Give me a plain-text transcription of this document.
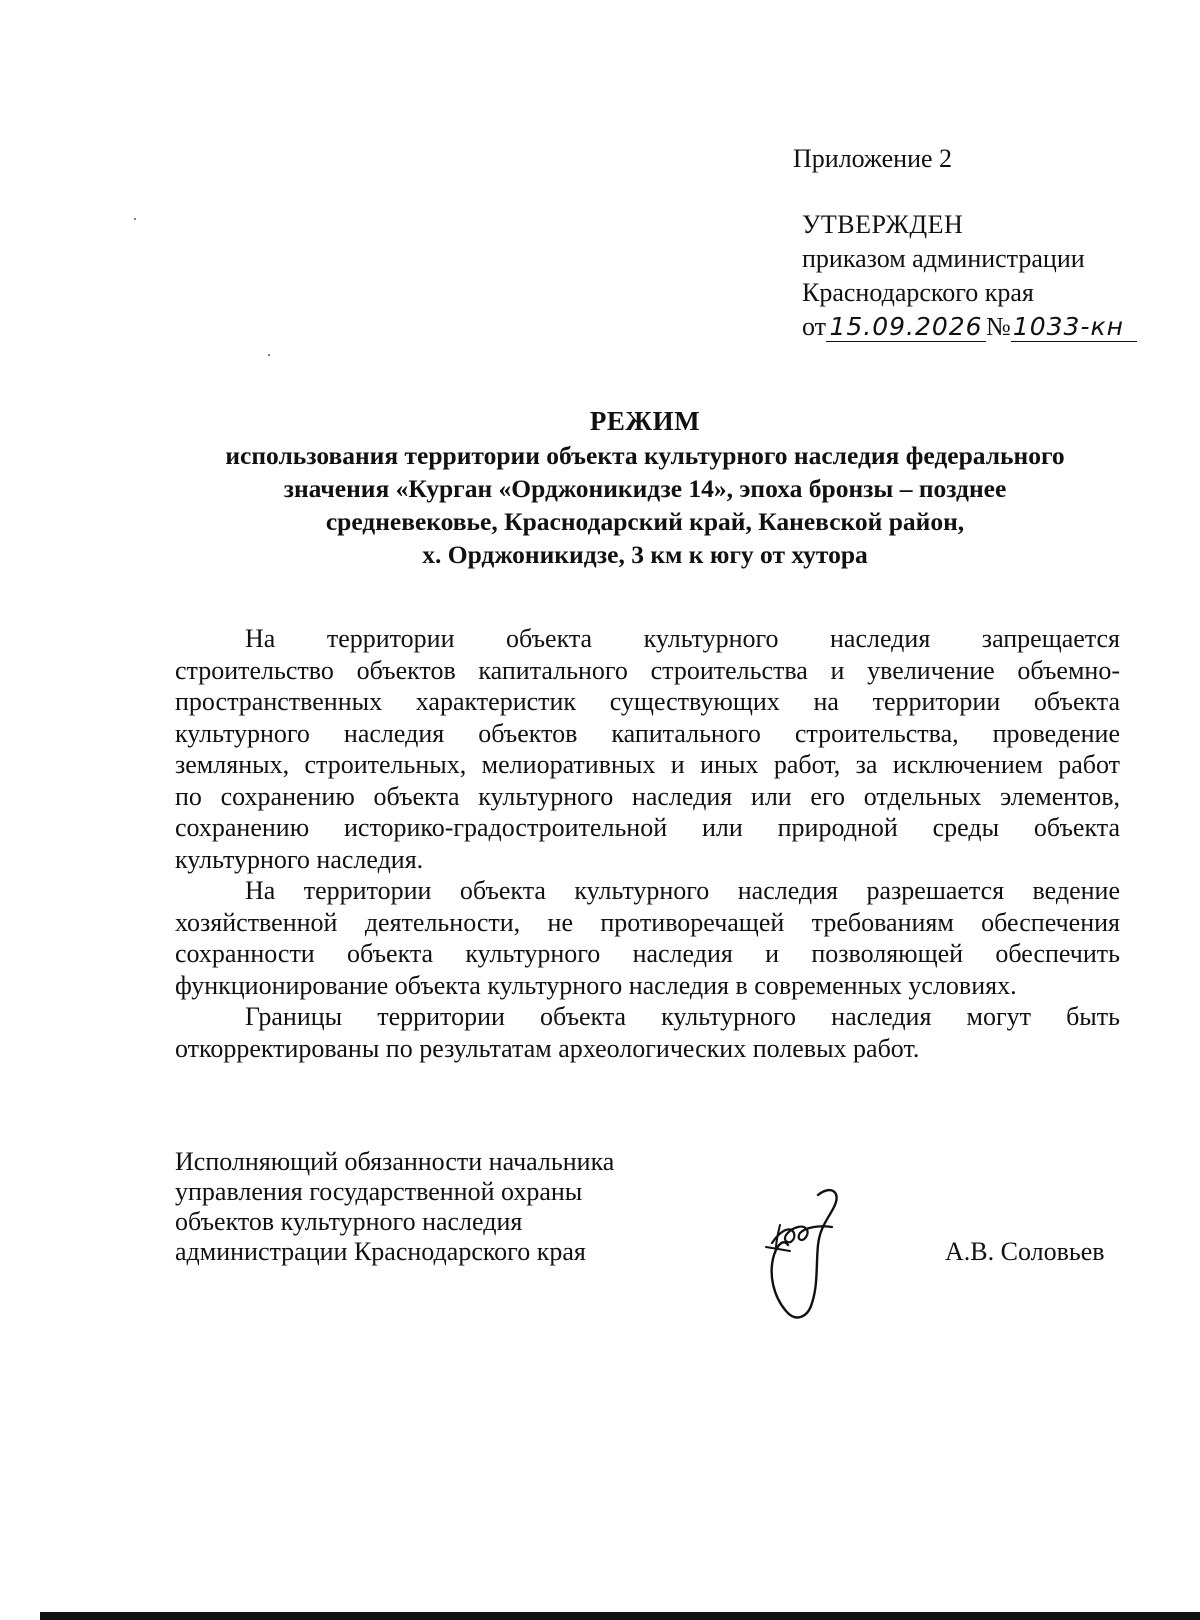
Приложение 2
УТВЕРЖДЕН
приказом администрации
Краснодарского края
от 15.09.2026 №1033-кн
РЕЖИМ
использования территории объекта культурного наследия федерального
значения «Курган «Орджоникидзе 14», эпоха бронзы – позднее
средневековье, Краснодарский край, Каневской район,
х. Орджоникидзе, 3 км к югу от хутора
На территории объекта культурного наследия запрещается
строительство объектов капитального строительства и увеличение объемно-
пространственных характеристик существующих на территории объекта
культурного наследия объектов капитального строительства, проведение
земляных, строительных, мелиоративных и иных работ, за исключением работ
по сохранению объекта культурного наследия или его отдельных элементов,
сохранению историко-градостроительной или природной среды объекта
культурного наследия.
На территории объекта культурного наследия разрешается ведение
хозяйственной деятельности, не противоречащей требованиям обеспечения
сохранности объекта культурного наследия и позволяющей обеспечить
функционирование объекта культурного наследия в современных условиях.
Границы территории объекта культурного наследия могут быть
откорректированы по результатам археологических полевых работ.
Исполняющий обязанности начальника
управления государственной охраны
объектов культурного наследия
администрации Краснодарского края	А.В. Соловьев
